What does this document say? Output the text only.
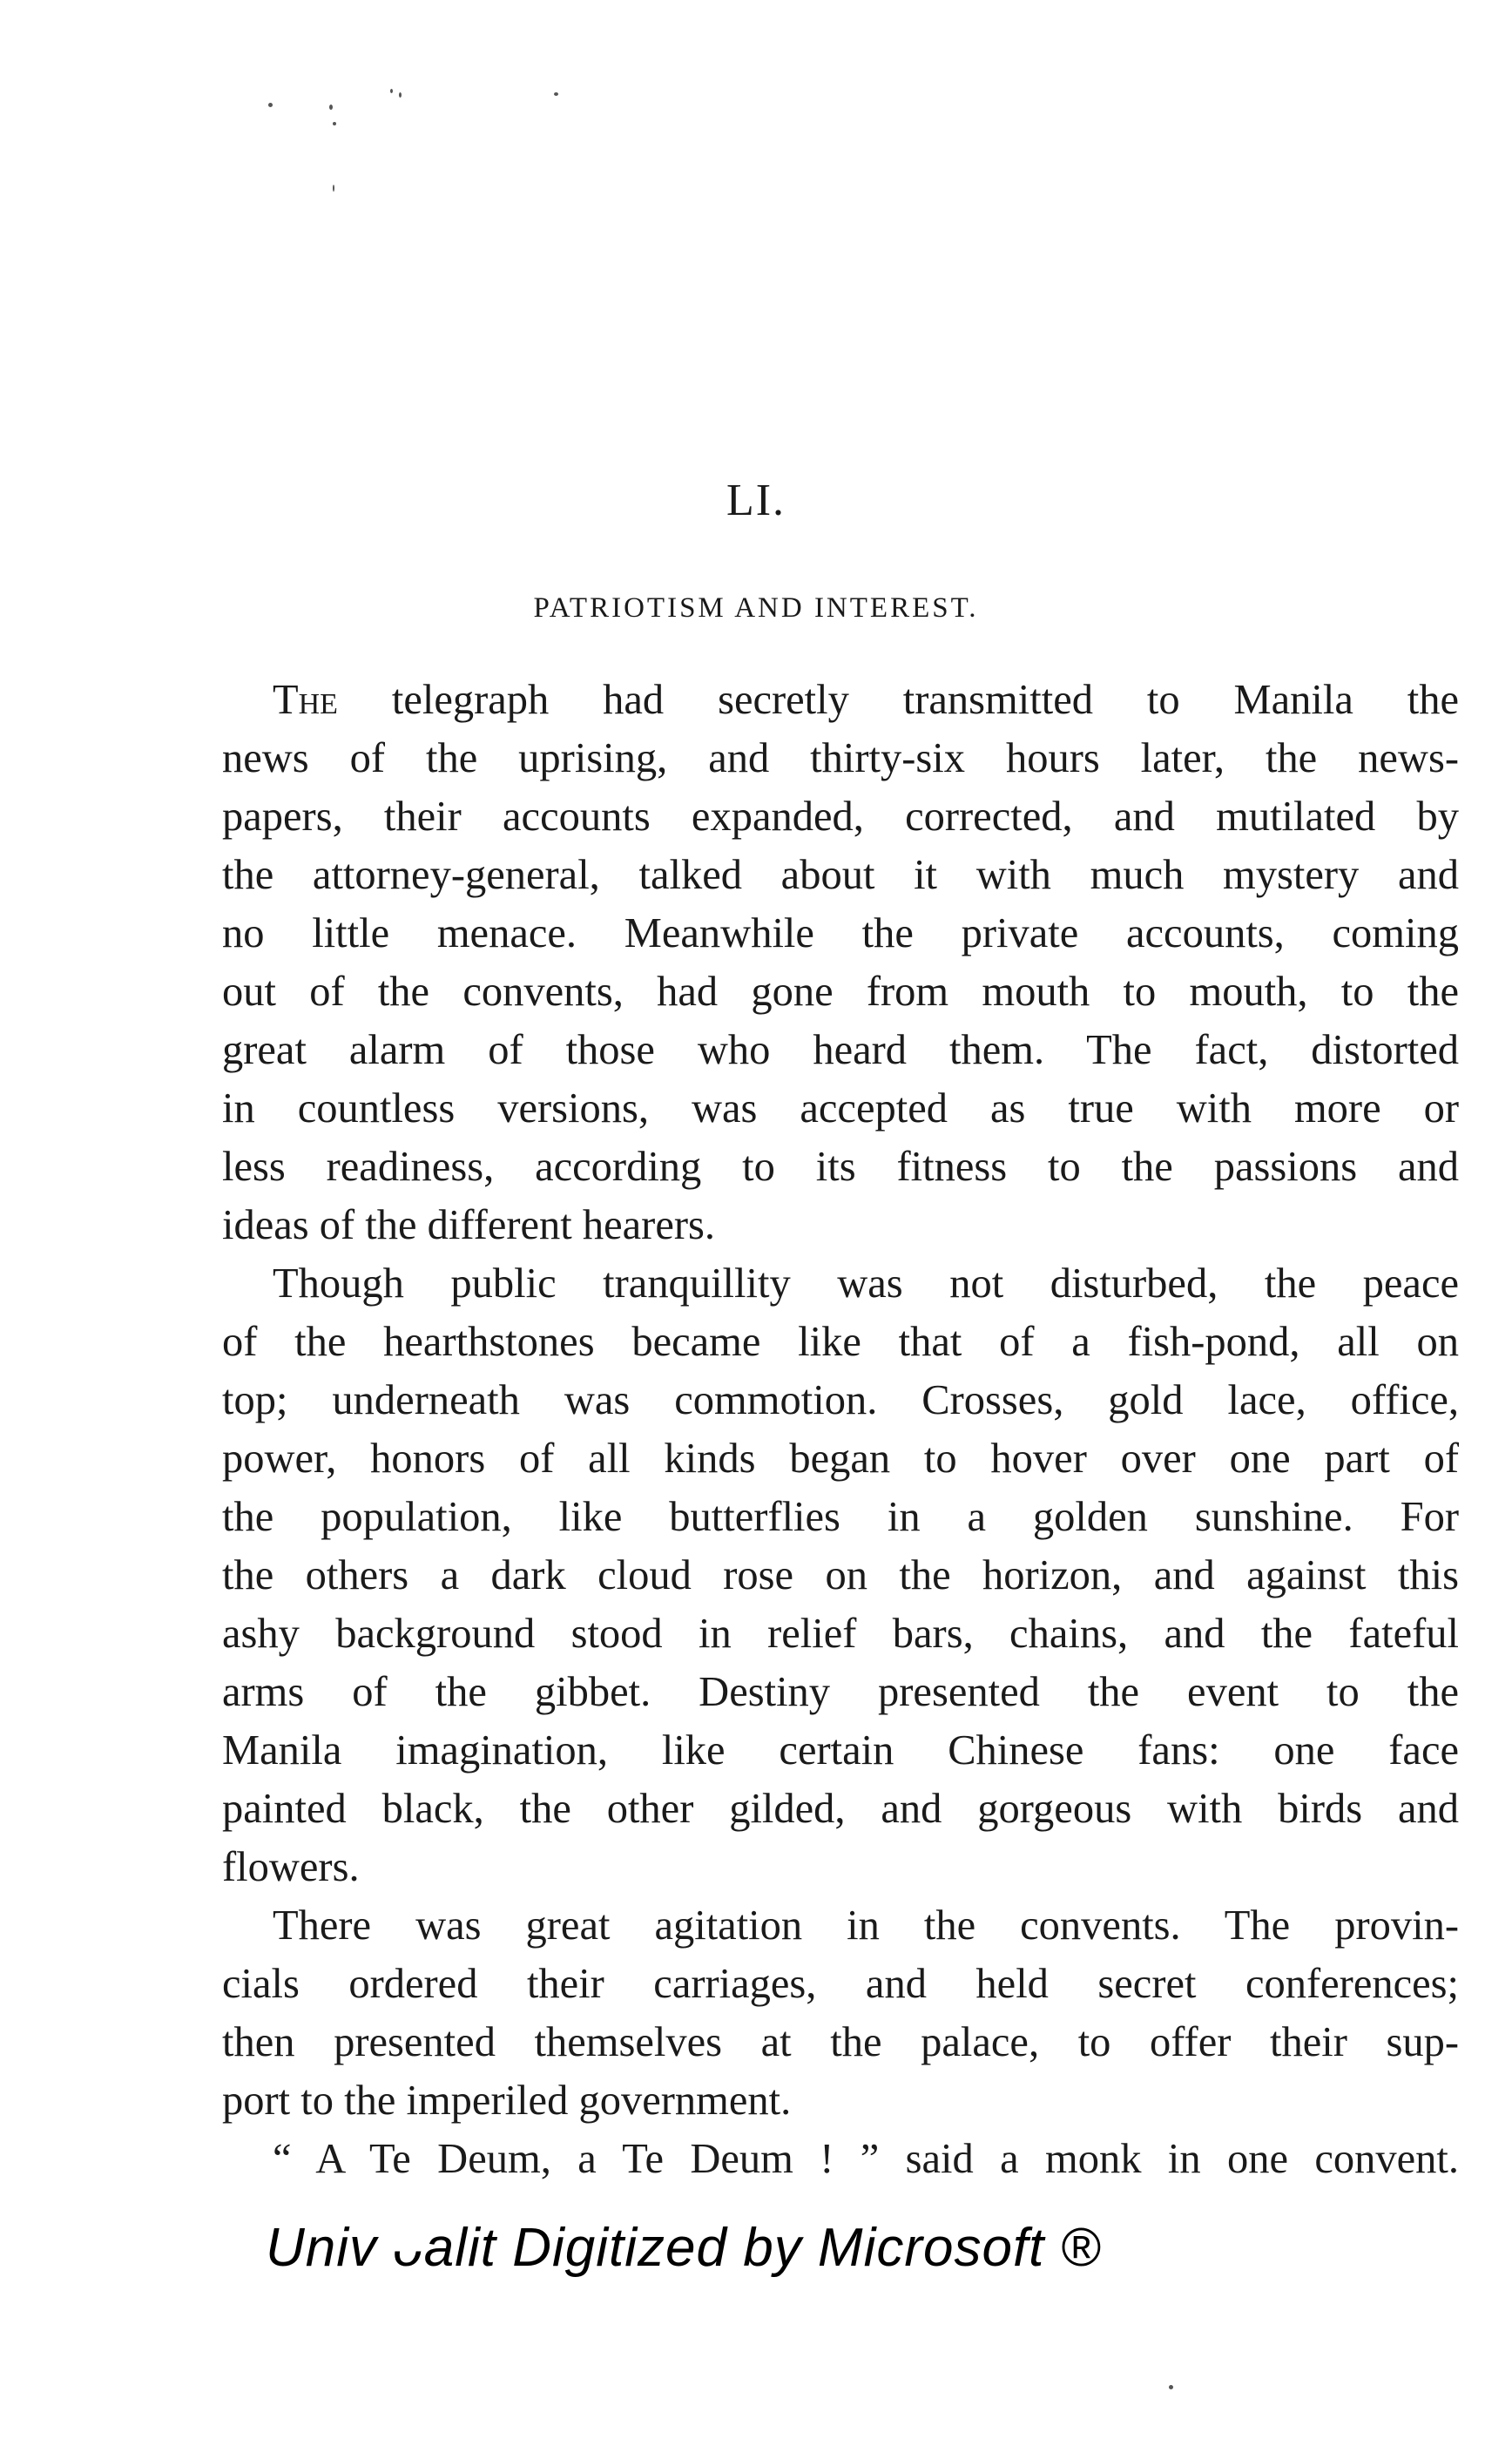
LI.
PATRIOTISM AND INTEREST.
The telegraph had secretly transmitted to Manila the
news of the uprising, and thirty-six hours later, the news-
papers, their accounts expanded, corrected, and mutilated by
the attorney-general, talked about it with much mystery and
no little menace. Meanwhile the private accounts, coming
out of the convents, had gone from mouth to mouth, to the
great alarm of those who heard them. The fact, distorted
in countless versions, was accepted as true with more or
less readiness, according to its fitness to the passions and
ideas of the different hearers.
Though public tranquillity was not disturbed, the peace
of the hearthstones became like that of a fish-pond, all on
top; underneath was commotion. Crosses, gold lace, office,
power, honors of all kinds began to hover over one part of
the population, like butterflies in a golden sunshine. For
the others a dark cloud rose on the horizon, and against this
ashy background stood in relief bars, chains, and the fateful
arms of the gibbet. Destiny presented the event to the
Manila imagination, like certain Chinese fans: one face
painted black, the other gilded, and gorgeous with birds and
flowers.
There was great agitation in the convents. The provin-
cials ordered their carriages, and held secret conferences;
then presented themselves at the palace, to offer their sup-
port to the imperiled government.
“ A Te Deum, a Te Deum ! ” said a monk in one convent.
Univ ᴗalit Digitized by Microsoft ®
